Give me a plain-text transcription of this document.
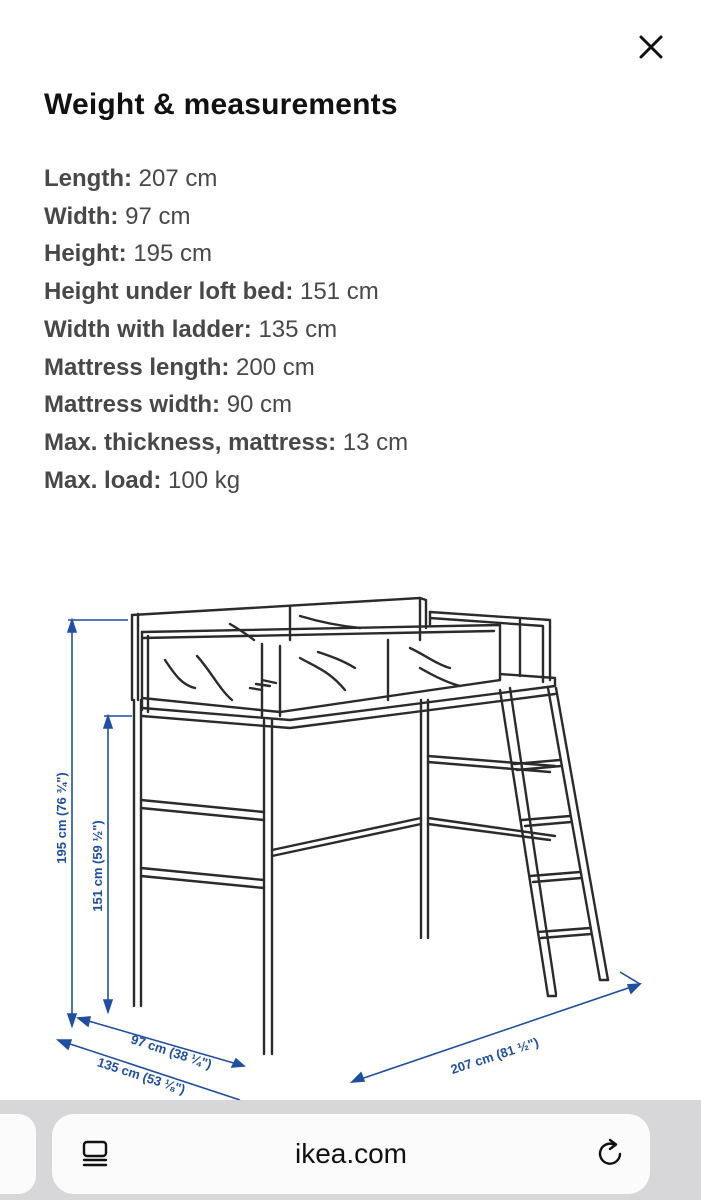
Weight & measurements
Length: 207 cm
Width: 97 cm
Height: 195 cm
Height under loft bed: 151 cm
Width with ladder: 135 cm
Mattress length: 200 cm
Mattress width: 90 cm
Max. thickness, mattress: 13 cm
Max. load: 100 kg
195 cm (76 ¾")
151 cm (59 ½")
97 cm (38 ¼")
135 cm (53 ⅛")	207 cm (81 ½")
ikea.com
